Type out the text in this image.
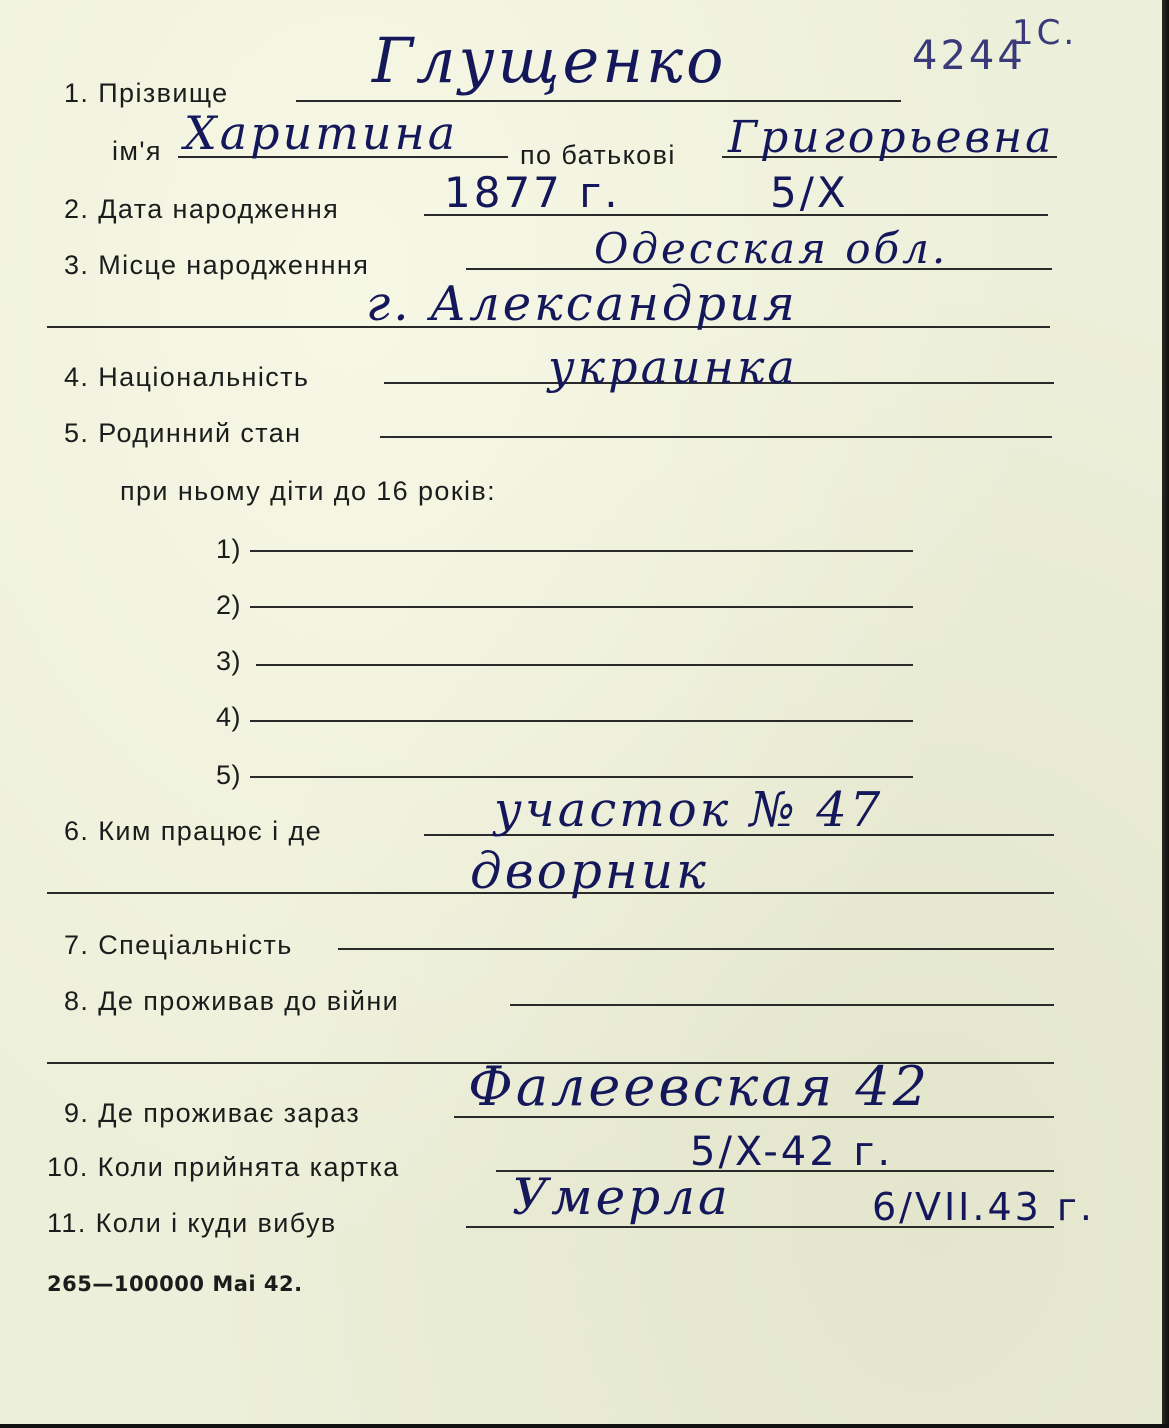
1. Прізвище Глущенко	4244
1С.
ім'я Харитина по батькові Григорьевна
2. Дата народження 1877 г.	5/X
3. Місце народженння	Одесская обл.
г. Александрия
4. Національність	украинка
5. Родинний стан
при ньому діти до 16 років:
1)
2)
3)
4)
5)
6. Ким працює і де	участок № 47
дворник
7. Спеціальність
8. Де проживав до війни
9. Де проживає зараз Фалеевская 42
10. Коли прийнята картка	5/X-42 г.
11. Коли і куди вибув	Умерла	6/VII.43 г.
265—100000 Mai 42.
